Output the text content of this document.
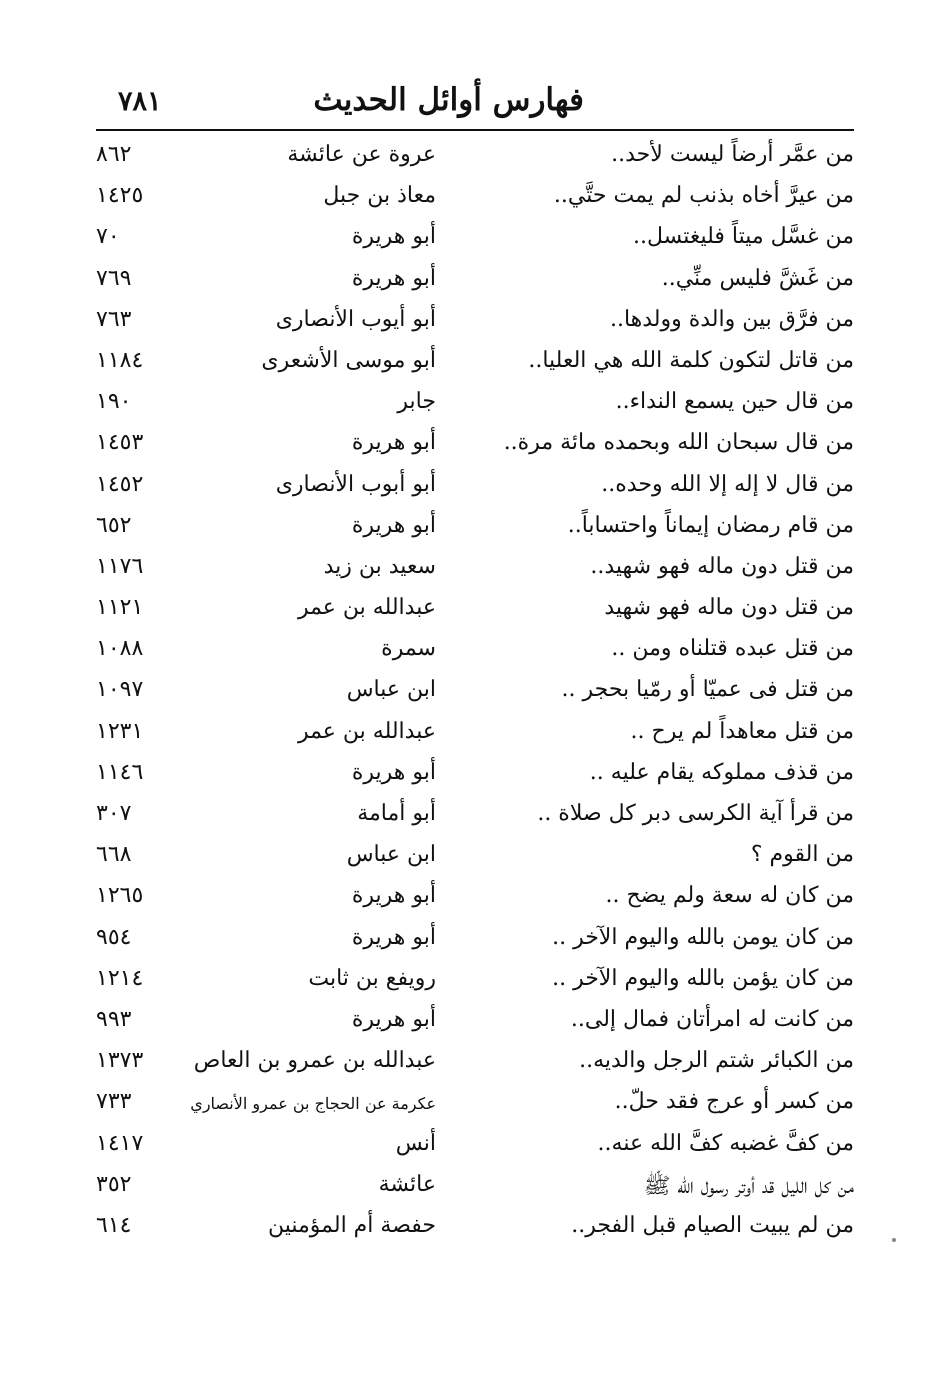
٧٨١	فهارس أوائل الحديث
من عمَّر أرضاً ليست لأحد..
عروة عن عائشة
٨٦٢
من عيرَّ أخاه بذنب لم يمت حتَّي..
معاذ بن جبل
١٤٢٥
من غسَّل ميتاً فليغتسل..
أبو هريرة
٧٠
من غَشَّ فليس منِّي..
أبو هريرة
٧٦٩
من فرَّق بين والدة وولدها..
أبو أيوب الأنصارى
٧٦٣
من قاتل لتكون كلمة الله هي العليا..
أبو موسى الأشعرى
١١٨٤
من قال حين يسمع النداء..
جابر
١٩٠
من قال سبحان الله وبحمده مائة مرة..
أبو هريرة
١٤٥٣
من قال لا إله إلا الله وحده..
أبو أبوب الأنصارى
١٤٥٢
من قام رمضان إيماناً واحتساباً..
أبو هريرة
٦٥٢
من قتل دون ماله فهو شهيد..
سعيد بن زيد
١١٧٦
من قتل دون ماله فهو شهيد
عبدالله بن عمر
١١٢١
من قتل عبده قتلناه ومن ..
سمرة
١٠٨٨
من قتل فى عميّا أو رمّيا بحجر ..
ابن عباس
١٠٩٧
من قتل معاهداً لم يرح ..
عبدالله بن عمر
١٢٣١
من قذف مملوكه يقام عليه ..
أبو هريرة
١١٤٦
من قرأ آية الكرسى دبر كل صلاة ..
أبو أمامة
٣٠٧
من القوم ؟
ابن عباس
٦٦٨
من كان له سعة ولم يضح ..
أبو هريرة
١٢٦٥
من كان يومن بالله واليوم الآخر ..
أبو هريرة
٩٥٤
من كان يؤمن بالله واليوم الآخر ..
رويفع بن ثابت
١٢١٤
من كانت له امرأتان فمال إلى..
أبو هريرة
٩٩٣
من الكبائر شتم الرجل والديه..
عبدالله بن عمرو بن العاص
١٣٧٣
من كسر أو عرج فقد حلّ..
عكرمة عن الحجاج بن عمرو الأنصاري
٧٣٣
من كفَّ غضبه كفَّ الله عنه..
أنس
١٤١٧
من كل الليل قد أوتر رسول الله ﷺ
عائشة
٣٥٢
من لم يبيت الصيام قبل الفجر..
حفصة أم المؤمنين
٦١٤
